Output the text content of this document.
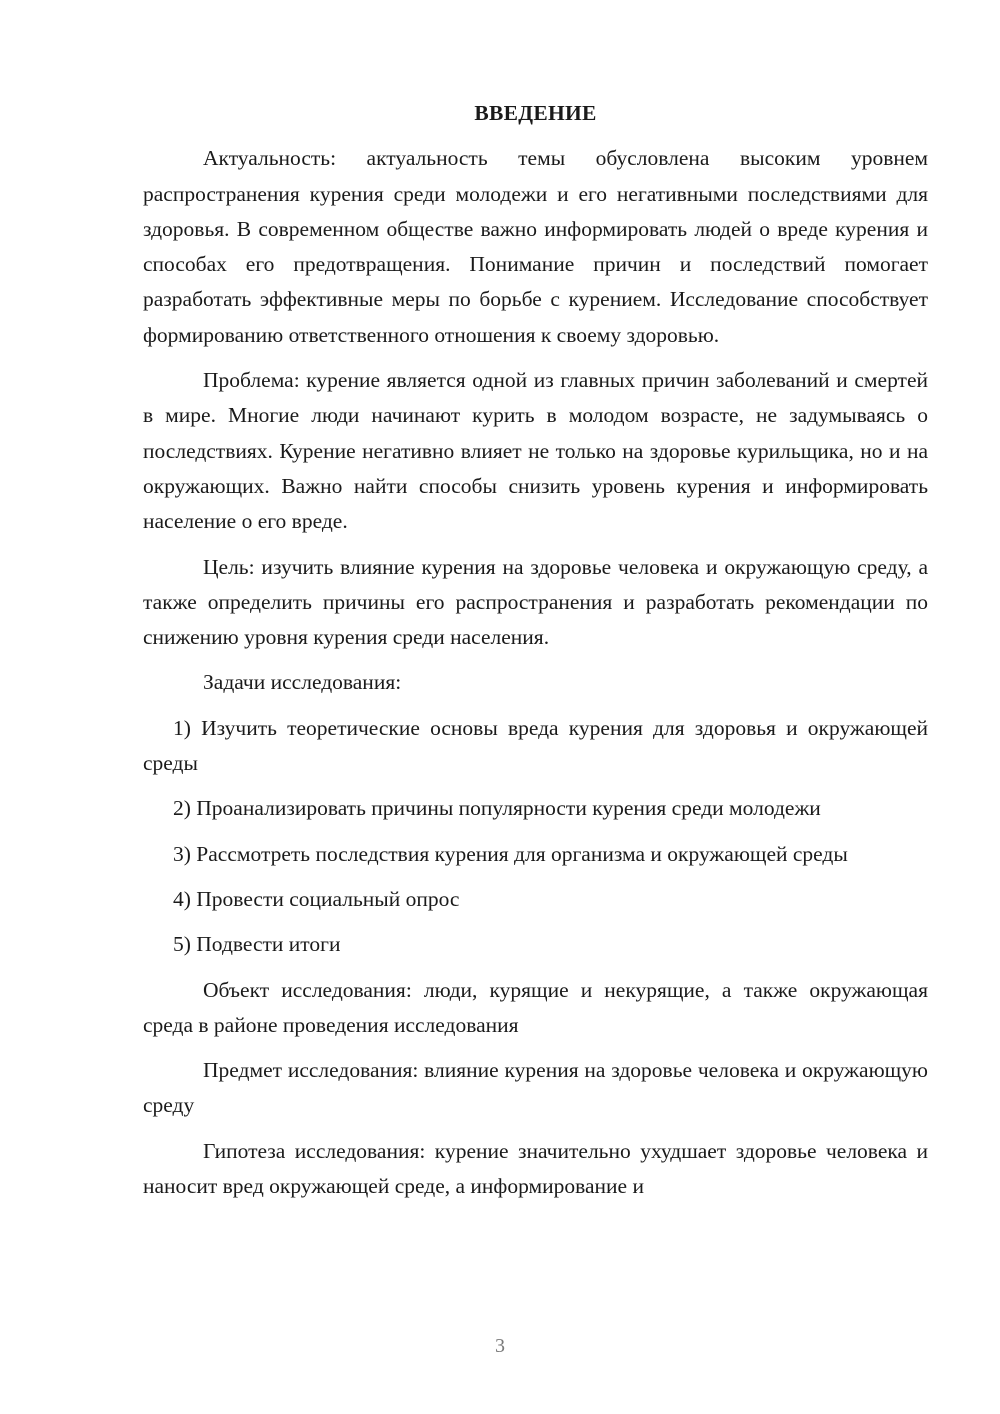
ВВЕДЕНИЕ

Актуальность: актуальность темы обусловлена высоким уровнем распространения курения среди молодежи и его негативными последствиями для здоровья. В современном обществе важно информировать людей о вреде курения и способах его предотвращения. Понимание причин и последствий помогает разработать эффективные меры по борьбе с курением. Исследование способствует формированию ответственного отношения к своему здоровью.

Проблема: курение является одной из главных причин заболеваний и смертей в мире. Многие люди начинают курить в молодом возрасте, не задумываясь о последствиях. Курение негативно влияет не только на здоровье курильщика, но и на окружающих. Важно найти способы снизить уровень курения и информировать население о его вреде.

Цель: изучить влияние курения на здоровье человека и окружающую среду, а также определить причины его распространения и разработать рекомендации по снижению уровня курения среди населения.

Задачи исследования:

1) Изучить теоретические основы вреда курения для здоровья и окружающей среды

2) Проанализировать причины популярности курения среди молодежи

3) Рассмотреть последствия курения для организма и окружающей среды

4) Провести социальный опрос

5) Подвести итоги

Объект исследования: люди, курящие и некурящие, а также окружающая среда в районе проведения исследования

Предмет исследования: влияние курения на здоровье человека и окружающую среду

Гипотеза исследования: курение значительно ухудшает здоровье человека и наносит вред окружающей среде, а информирование и

3
